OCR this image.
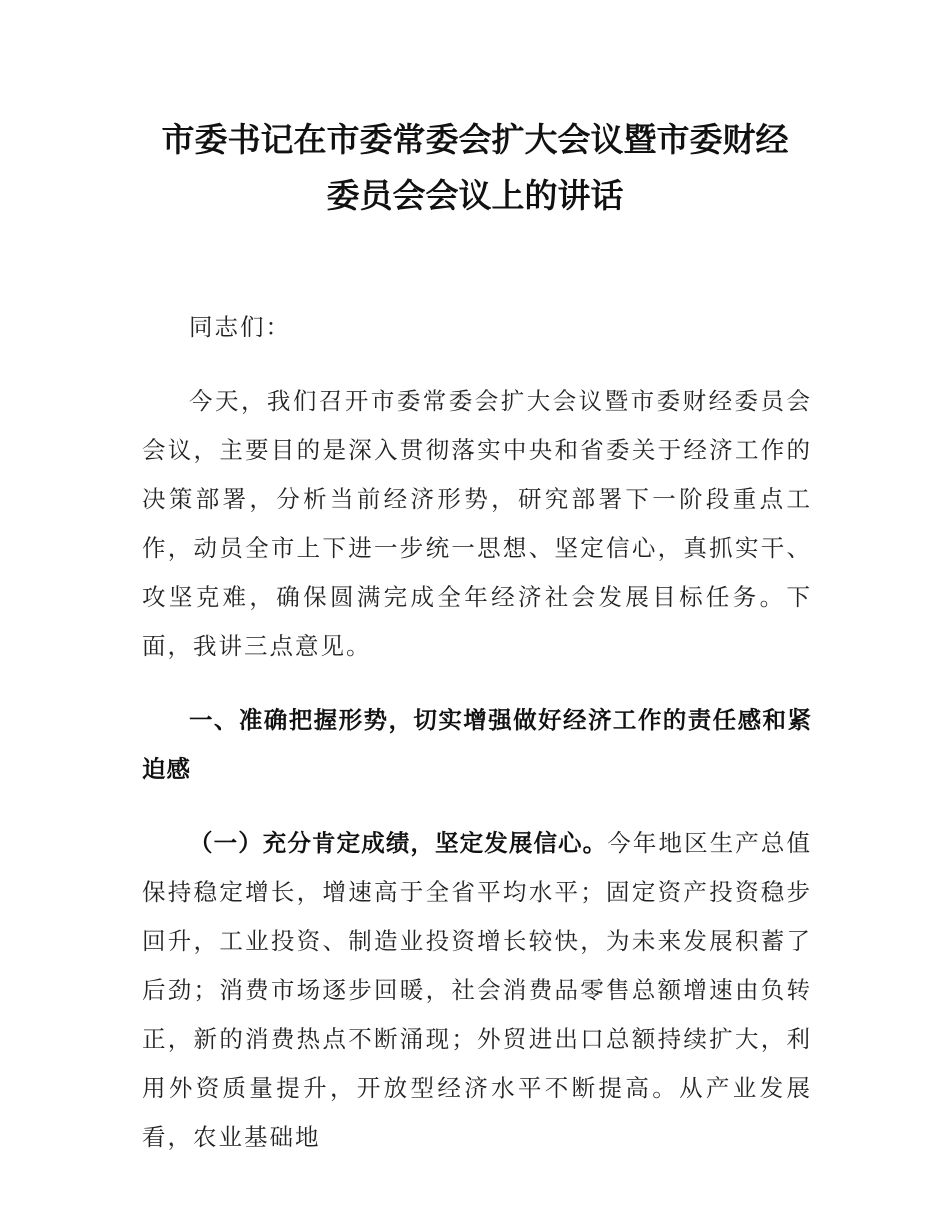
市委书记在市委常委会扩大会议暨市委财经
委员会会议上的讲话

同志们：

今天，我们召开市委常委会扩大会议暨市委财经委员会会议，主要目的是深入贯彻落实中央和省委关于经济工作的决策部署，分析当前经济形势，研究部署下一阶段重点工作，动员全市上下进一步统一思想、坚定信心，真抓实干、攻坚克难，确保圆满完成全年经济社会发展目标任务。下面，我讲三点意见。

一、准确把握形势，切实增强做好经济工作的责任感和紧迫感

（一）充分肯定成绩，坚定发展信心。今年地区生产总值保持稳定增长，增速高于全省平均水平；固定资产投资稳步回升，工业投资、制造业投资增长较快，为未来发展积蓄了后劲；消费市场逐步回暖，社会消费品零售总额增速由负转正，新的消费热点不断涌现；外贸进出口总额持续扩大，利用外资质量提升，开放型经济水平不断提高。从产业发展看，农业基础地
